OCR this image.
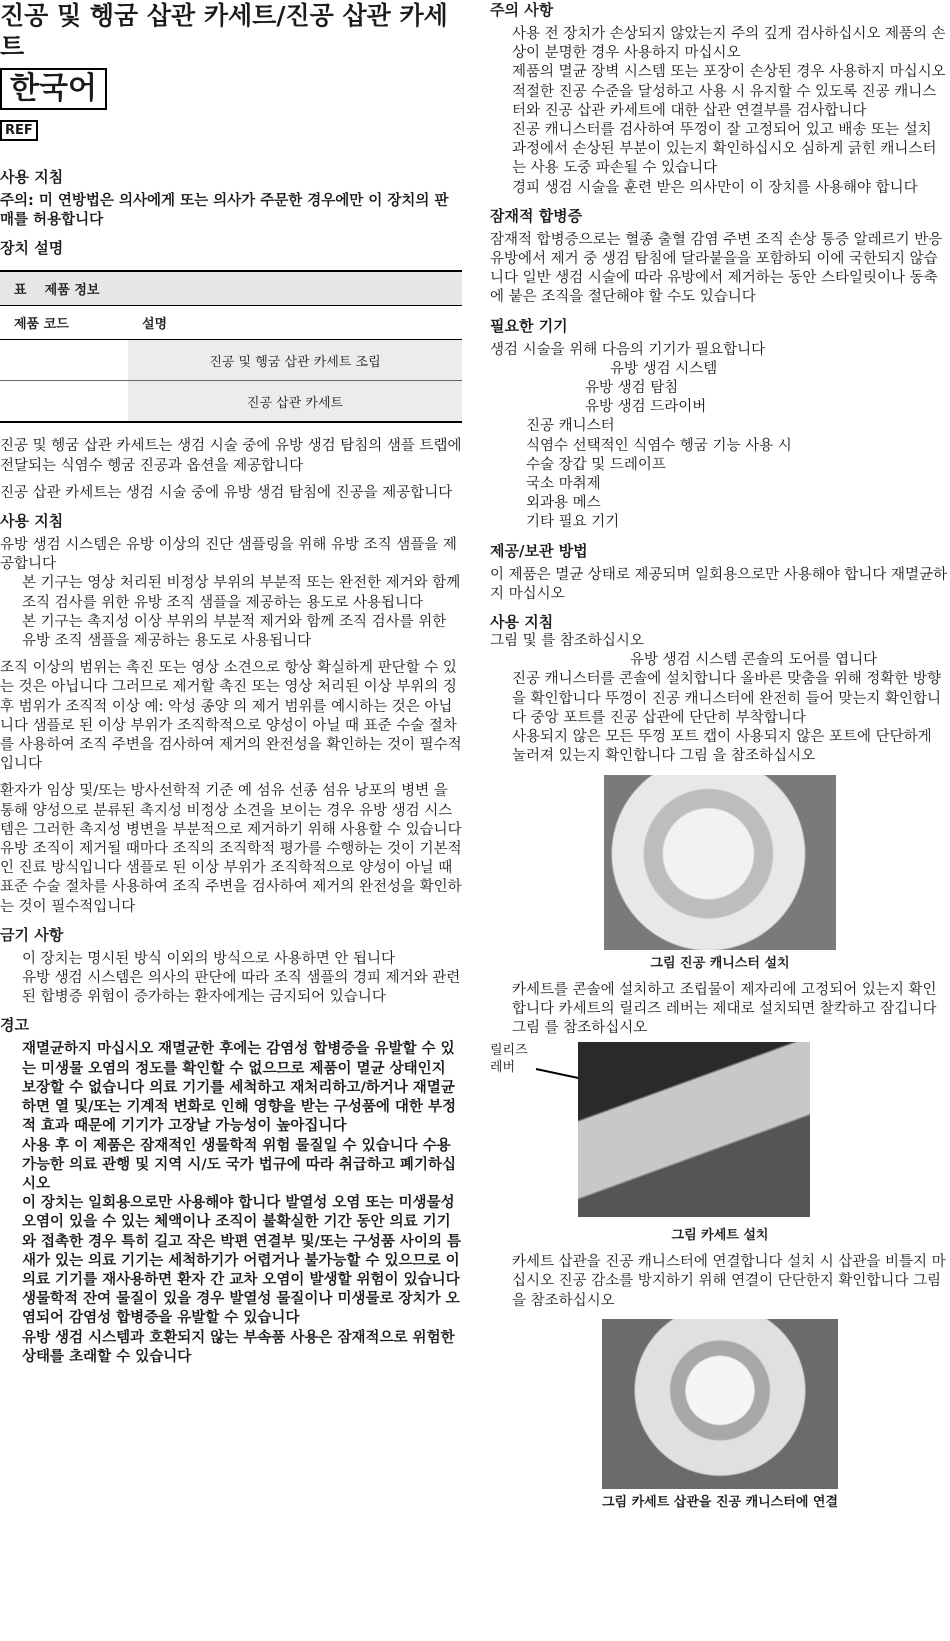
진공 및 헹굼 삽관 카세트/진공 삽관 카세트
한국어
REF
사용 지침

주의: 미 연방법은 의사에게 또는 의사가 주문한 경우에만 이 장치의 판매를 허용합니다

장치 설명
표 제품 정보	
제품 코드	설명
	진공 및 헹굼 삽관 카세트 조립
	진공 삽관 카세트

진공 및 헹굼 삽관 카세트는 생검 시술 중에 유방 생검 탐침의 샘플 트랩에 전달되는 식염수 헹굼 진공과 옵션을 제공합니다

진공 삽관 카세트는 생검 시술 중에 유방 생검 탐침에 진공을 제공합니다

사용 지침

유방 생검 시스템은 유방 이상의 진단 샘플링을 위해 유방 조직 샘플을 제공합니다

본 기구는 영상 처리된 비정상 부위의 부분적 또는 완전한 제거와 함께 조직 검사를 위한 유방 조직 샘플을 제공하는 용도로 사용됩니다

본 기구는 촉지성 이상 부위의 부분적 제거와 함께 조직 검사를 위한 유방 조직 샘플을 제공하는 용도로 사용됩니다

조직 이상의 범위는 촉진 또는 영상 소견으로 항상 확실하게 판단할 수 있는 것은 아닙니다 그러므로 제거할 촉진 또는 영상 처리된 이상 부위의 징후 범위가 조직적 이상 예: 악성 종양 의 제거 범위를 예시하는 것은 아닙니다 샘플로 된 이상 부위가 조직학적으로 양성이 아닐 때 표준 수술 절차를 사용하여 조직 주변을 검사하여 제거의 완전성을 확인하는 것이 필수적입니다

환자가 임상 및/또는 방사선학적 기준 예 섬유 선종 섬유 낭포의 병변 을 통해 양성으로 분류된 촉지성 비정상 소견을 보이는 경우 유방 생검 시스템은 그러한 촉지성 병변을 부분적으로 제거하기 위해 사용할 수 있습니다 유방 조직이 제거될 때마다 조직의 조직학적 평가를 수행하는 것이 기본적인 진료 방식입니다 샘플로 된 이상 부위가 조직학적으로 양성이 아닐 때 표준 수술 절차를 사용하여 조직 주변을 검사하여 제거의 완전성을 확인하는 것이 필수적입니다

금기 사항

이 장치는 명시된 방식 이외의 방식으로 사용하면 안 됩니다

유방 생검 시스템은 의사의 판단에 따라 조직 샘플의 경피 제거와 관련된 합병증 위험이 증가하는 환자에게는 금지되어 있습니다

경고

재멸균하지 마십시오 재멸균한 후에는 감염성 합병증을 유발할 수 있는 미생물 오염의 정도를 확인할 수 없으므로 제품이 멸균 상태인지 보장할 수 없습니다 의료 기기를 세척하고 재처리하고/하거나 재멸균하면 열 및/또는 기계적 변화로 인해 영향을 받는 구성품에 대한 부정적 효과 때문에 기기가 고장날 가능성이 높아집니다

사용 후 이 제품은 잠재적인 생물학적 위험 물질일 수 있습니다 수용 가능한 의료 관행 및 지역 시/도 국가 법규에 따라 취급하고 폐기하십시오

이 장치는 일회용으로만 사용해야 합니다 발열성 오염 또는 미생물성 오염이 있을 수 있는 체액이나 조직이 불확실한 기간 동안 의료 기기와 접촉한 경우 특히 길고 작은 박편 연결부 및/또는 구성품 사이의 틈새가 있는 의료 기기는 세척하기가 어렵거나 불가능할 수 있으므로 이 의료 기기를 재사용하면 환자 간 교차 오염이 발생할 위험이 있습니다 생물학적 잔여 물질이 있을 경우 발열성 물질이나 미생물로 장치가 오염되어 감염성 합병증을 유발할 수 있습니다

유방 생검 시스템과 호환되지 않는 부속품 사용은 잠재적으로 위험한 상태를 초래할 수 있습니다

주의 사항

사용 전 장치가 손상되지 않았는지 주의 깊게 검사하십시오 제품의 손상이 분명한 경우 사용하지 마십시오

제품의 멸균 장벽 시스템 또는 포장이 손상된 경우 사용하지 마십시오

적절한 진공 수준을 달성하고 사용 시 유지할 수 있도록 진공 캐니스터와 진공 삽관 카세트에 대한 삽관 연결부를 검사합니다

진공 캐니스터를 검사하여 뚜껑이 잘 고정되어 있고 배송 또는 설치 과정에서 손상된 부분이 있는지 확인하십시오 심하게 긁힌 캐니스터는 사용 도중 파손될 수 있습니다

경피 생검 시술을 훈련 받은 의사만이 이 장치를 사용해야 합니다

잠재적 합병증

잠재적 합병증으로는 혈종 출혈 감염 주변 조직 손상 통증 알레르기 반응 유방에서 제거 중 생검 탐침에 달라붙을을 포함하되 이에 국한되지 않습니다 일반 생검 시술에 따라 유방에서 제거하는 동안 스타일릿이나 동축에 붙은 조직을 절단해야 할 수도 있습니다

필요한 기기

생검 시술을 위해 다음의 기기가 필요합니다

유방 생검 시스템

유방 생검 탐침

유방 생검 드라이버

진공 캐니스터

식염수 선택적인 식염수 헹굼 기능 사용 시

수술 장갑 및 드레이프

국소 마취제

외과용 메스

기타 필요 기기

제공/보관 방법

이 제품은 멸균 상태로 제공되며 일회용으로만 사용해야 합니다 재멸균하지 마십시오

사용 지침

그림 및 를 참조하십시오

유방 생검 시스템 콘솔의 도어를 엽니다

진공 캐니스터를 콘솔에 설치합니다 올바른 맞춤을 위해 정확한 방향을 확인합니다 뚜껑이 진공 캐니스터에 완전히 들어 맞는지 확인합니다 중앙 포트를 진공 삽관에 단단히 부착합니다

사용되지 않은 모든 뚜껑 포트 캡이 사용되지 않은 포트에 단단하게 눌러져 있는지 확인합니다 그림 을 참조하십시오

그림 진공 캐니스터 설치

카세트를 콘솔에 설치하고 조립물이 제자리에 고정되어 있는지 확인합니다 카세트의 릴리즈 레버는 제대로 설치되면 찰칵하고 잠깁니다 그림 를 참조하십시오

릴리즈 레버
그림 카세트 설치

카세트 삽관을 진공 캐니스터에 연결합니다 설치 시 삽관을 비틀지 마십시오 진공 감소를 방지하기 위해 연결이 단단한지 확인합니다 그림 을 참조하십시오

그림 카세트 삽관을 진공 캐니스터에 연결
